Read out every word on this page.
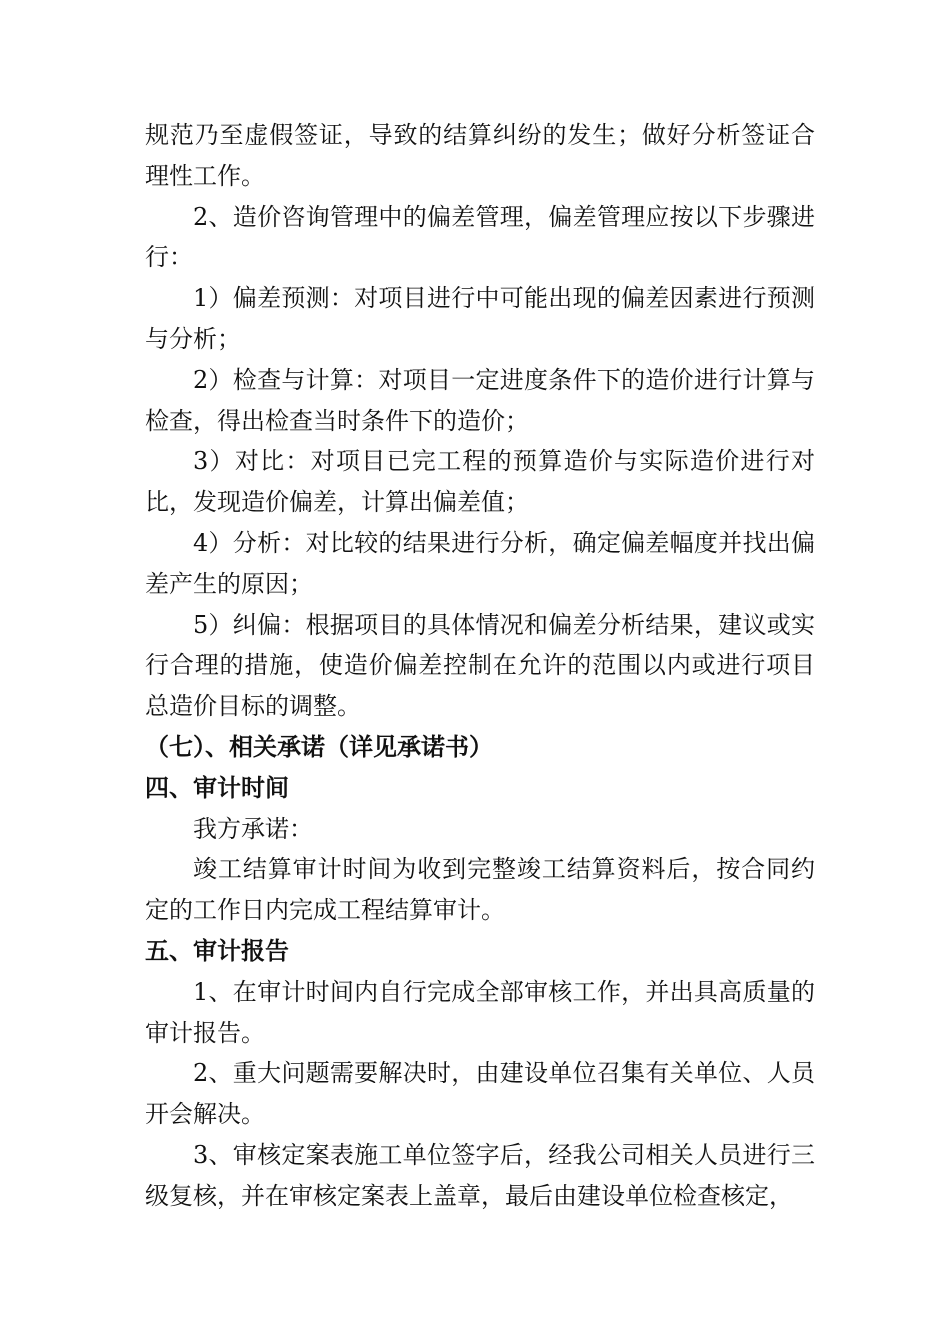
规范乃至虚假签证，导致的结算纠纷的发生；做好分析签证合理性工作。

2、造价咨询管理中的偏差管理，偏差管理应按以下步骤进行：

1）偏差预测：对项目进行中可能出现的偏差因素进行预测与分析；

2）检查与计算：对项目一定进度条件下的造价进行计算与检查，得出检查当时条件下的造价；

3）对比：对项目已完工程的预算造价与实际造价进行对比，发现造价偏差，计算出偏差值；

4）分析：对比较的结果进行分析，确定偏差幅度并找出偏差产生的原因；

5）纠偏：根据项目的具体情况和偏差分析结果，建议或实行合理的措施，使造价偏差控制在允许的范围以内或进行项目总造价目标的调整。

（七）、相关承诺（详见承诺书）

四、审计时间

我方承诺：

竣工结算审计时间为收到完整竣工结算资料后，按合同约定的工作日内完成工程结算审计。

五、审计报告

1、在审计时间内自行完成全部审核工作，并出具高质量的审计报告。

2、重大问题需要解决时，由建设单位召集有关单位、人员开会解决。

3、审核定案表施工单位签字后，经我公司相关人员进行三级复核，并在审核定案表上盖章，最后由建设单位检查核定，
